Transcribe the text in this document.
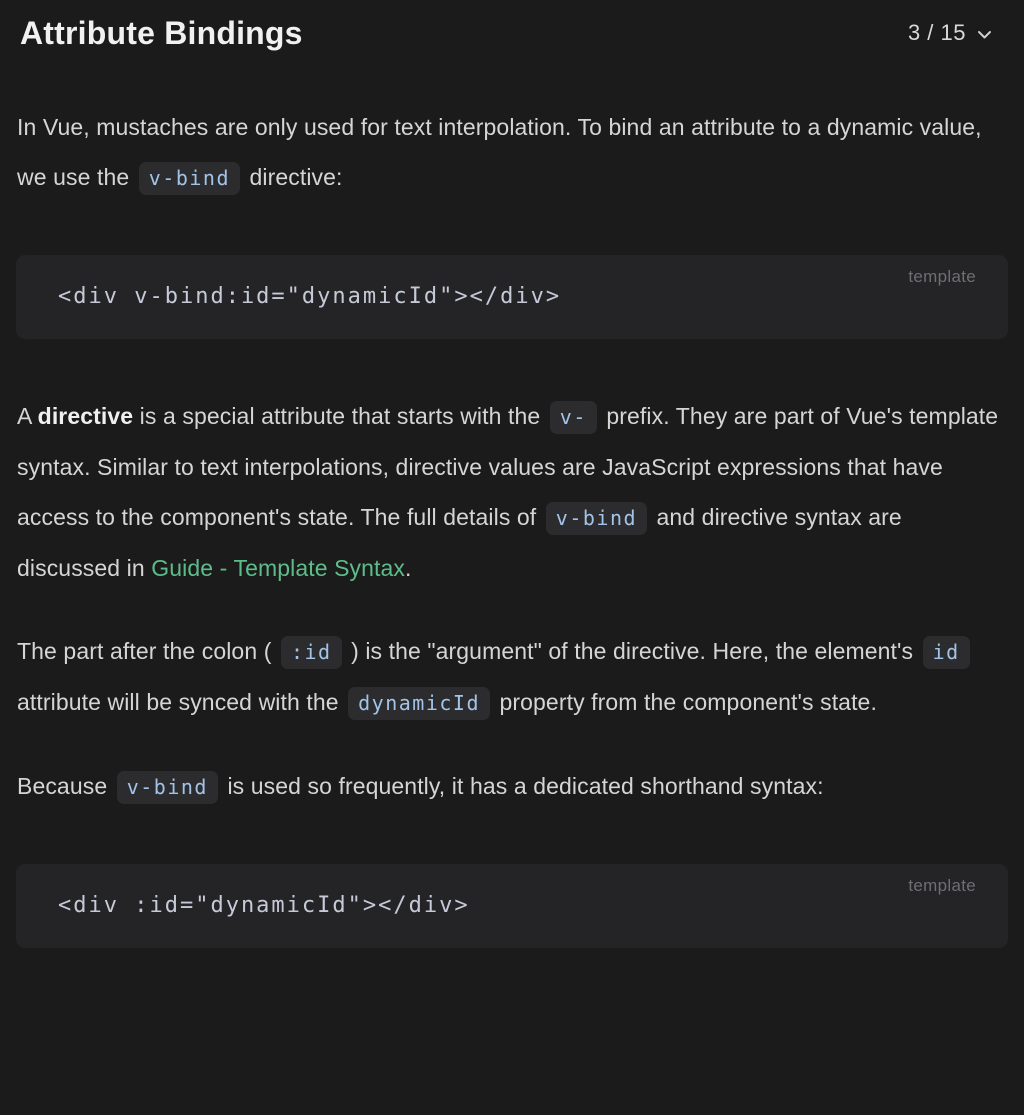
Attribute Bindings	3 / 15

In Vue, mustaches are only used for text interpolation. To bind an attribute to a dynamic value, we use the v-bind directive:

template
<div v-bind:id="dynamicId"></div>

A directive is a special attribute that starts with the v- prefix. They are part of Vue's template syntax. Similar to text interpolations, directive values are JavaScript expressions that have access to the component's state. The full details of v-bind and directive syntax are discussed in Guide - Template Syntax.

The part after the colon ( :id ) is the "argument" of the directive. Here, the element's id attribute will be synced with the dynamicId property from the component's state.

Because v-bind is used so frequently, it has a dedicated shorthand syntax:

template
<div :id="dynamicId"></div>
